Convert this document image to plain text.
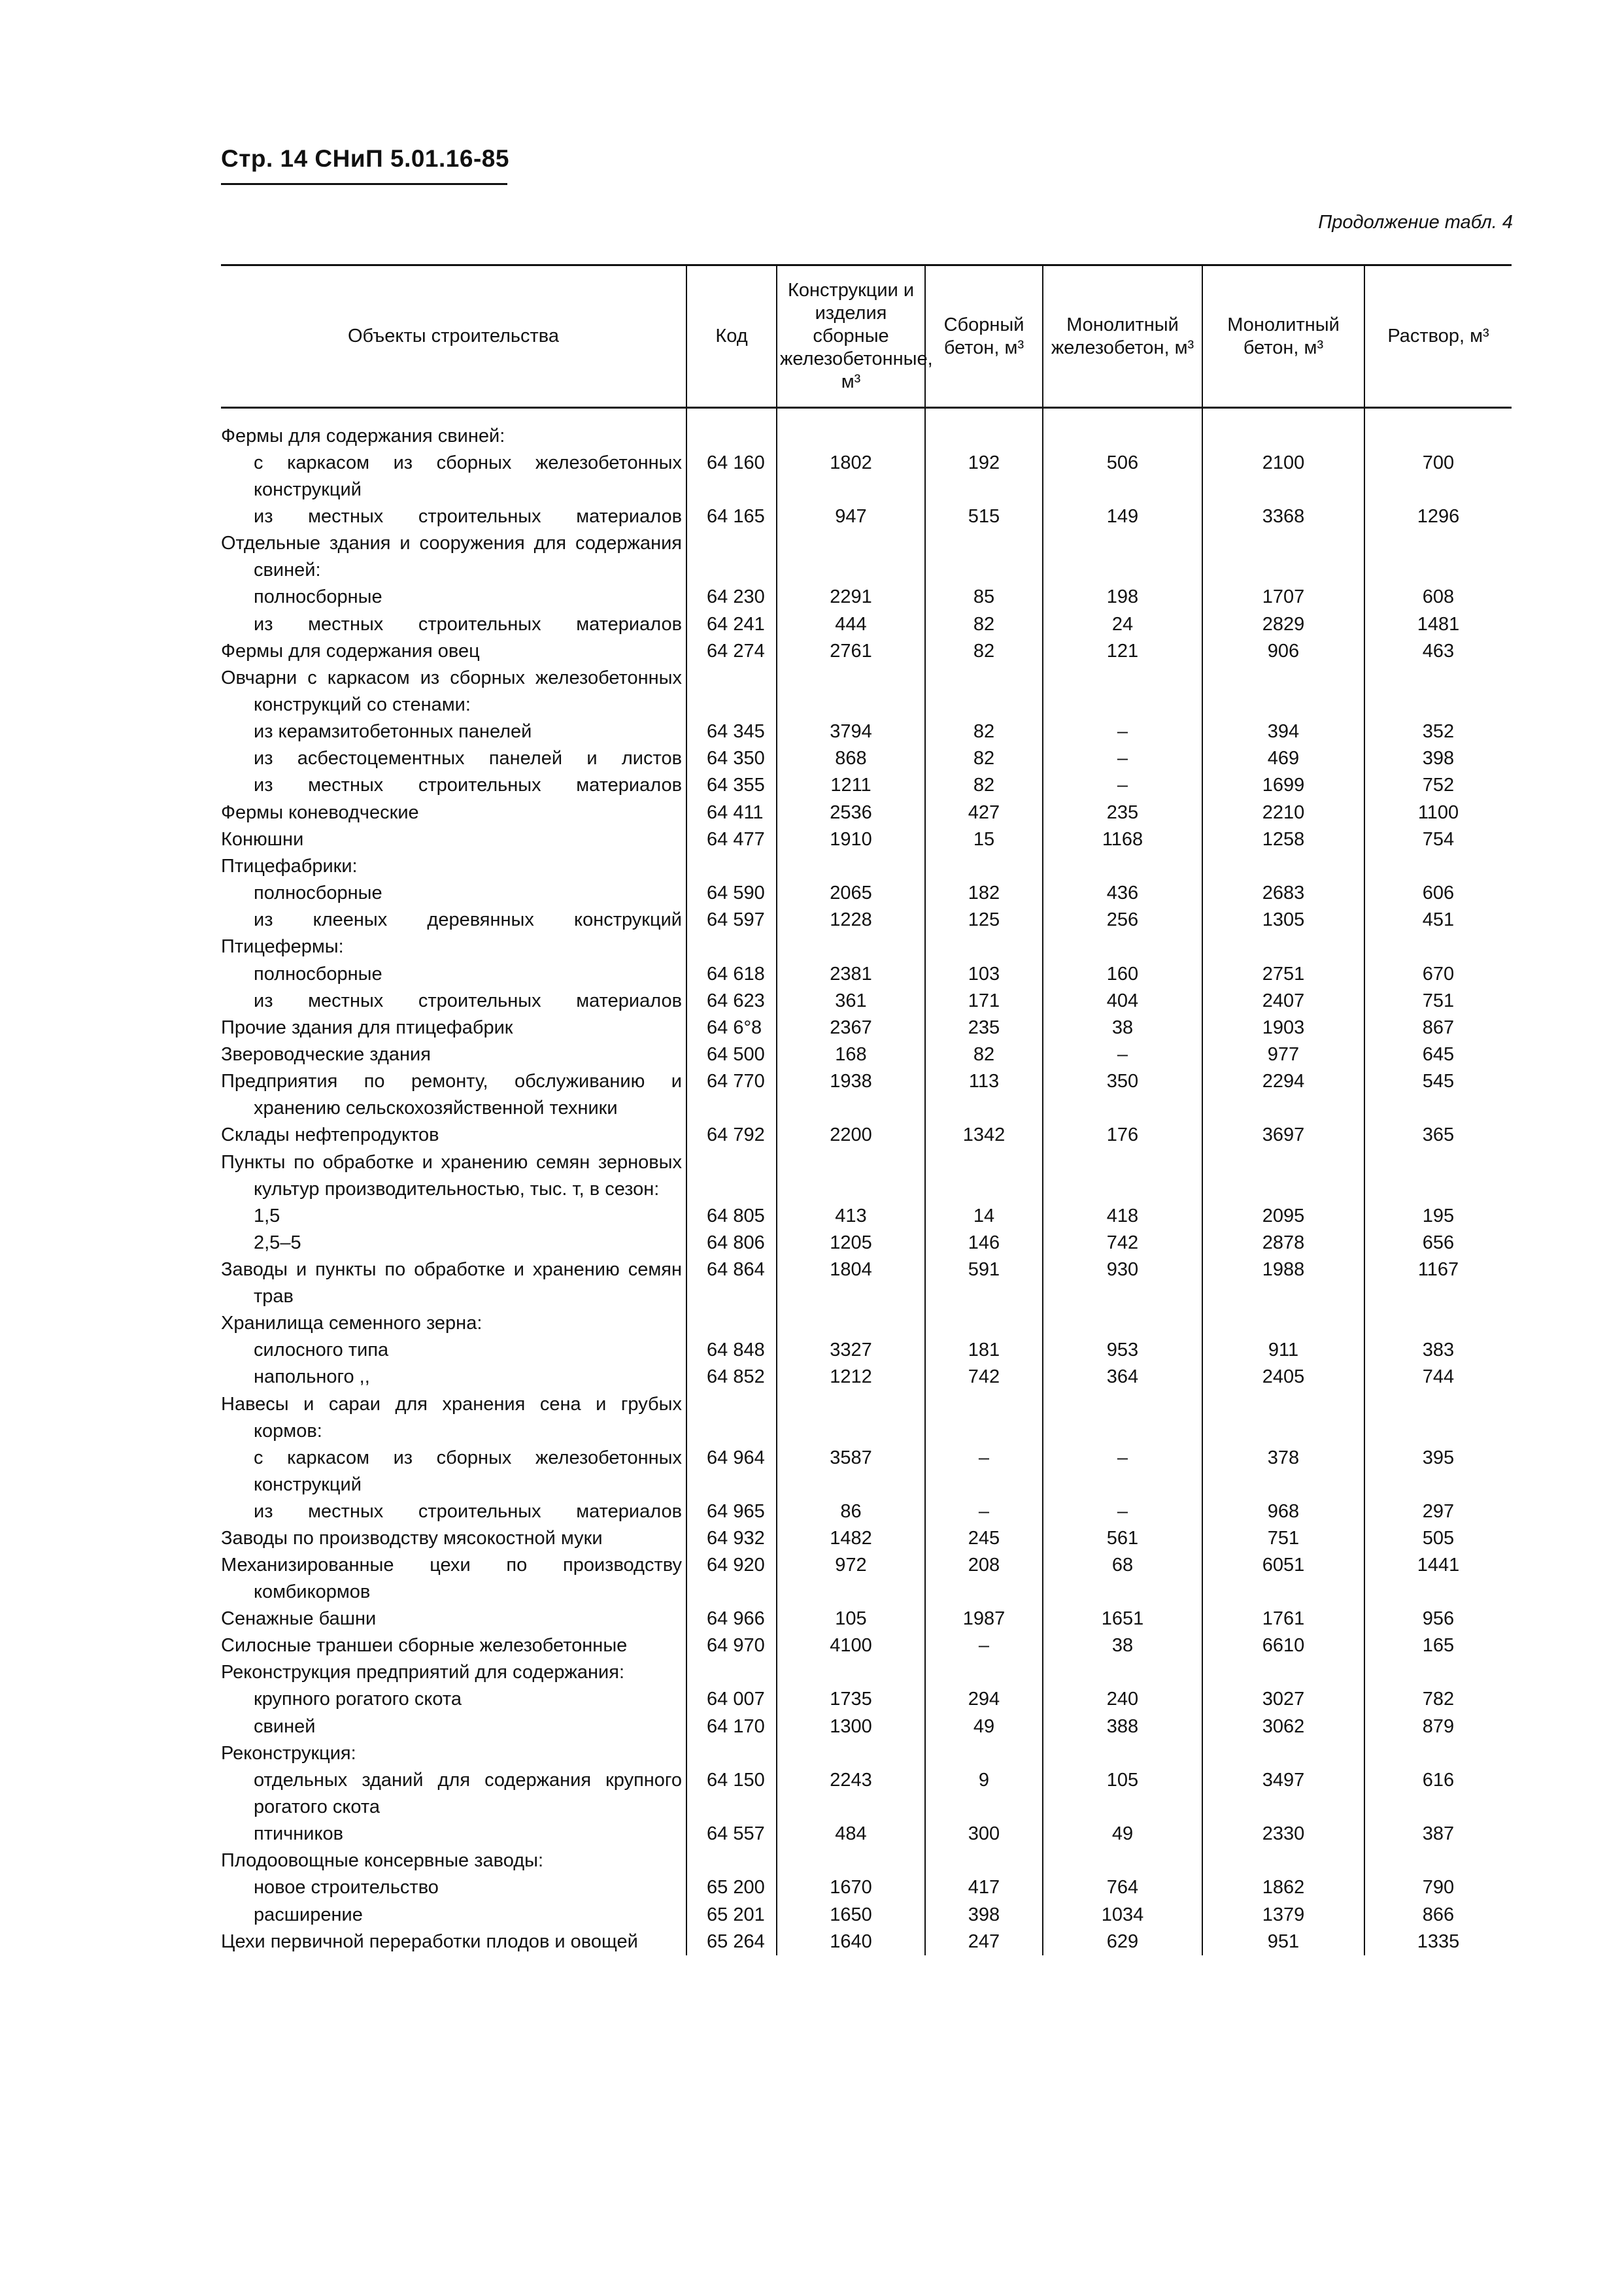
Стр. 14 СНиП 5.01.16-85
Продолжение табл. 4
Объекты строительства	Код	Конструкции и изделия сборные железобетонные, м³	Сборный бетон, м³	Монолитный железобетон, м³	Монолитный бетон, м³	Раствор, м³

Фермы для содержания свиней:						

с каркасом из сборных железобетонных конструкций	64 160	1802	192	506	2100	700

из местных строительных материалов	64 165	947	515	149	3368	1296

Отдельные здания и сооружения для содержания свиней:						

полносборные	64 230	2291	85	198	1707	608

из местных строительных материалов	64 241	444	82	24	2829	1481

Фермы для содержания овец	64 274	2761	82	121	906	463

Овчарни с каркасом из сборных железобетонных конструкций со стенами:						

из керамзитобетонных панелей	64 345	3794	82	–	394	352

из асбестоцементных панелей и листов	64 350	868	82	–	469	398

из местных строительных материалов	64 355	1211	82	–	1699	752

Фермы коневодческие	64 411	2536	427	235	2210	1100

Конюшни	64 477	1910	15	1168	1258	754

Птицефабрики:						

полносборные	64 590	2065	182	436	2683	606

из клееных деревянных конструкций	64 597	1228	125	256	1305	451

Птицефермы:						

полносборные	64 618	2381	103	160	2751	670

из местных строительных материалов	64 623	361	171	404	2407	751

Прочие здания для птицефабрик	64 6°8	2367	235	38	1903	867

Звероводческие здания	64 500	168	82	–	977	645

Предприятия по ремонту, обслуживанию и хранению сельскохозяйственной техники	64 770	1938	113	350	2294	545

Склады нефтепродуктов	64 792	2200	1342	176	3697	365

Пункты по обработке и хранению семян зерновых культур производительностью, тыс. т, в сезон:						

1,5	64 805	413	14	418	2095	195

2,5–5	64 806	1205	146	742	2878	656

Заводы и пункты по обработке и хранению семян трав	64 864	1804	591	930	1988	1167

Хранилища семенного зерна:						

силосного типа	64 848	3327	181	953	911	383

напольного ,,	64 852	1212	742	364	2405	744

Навесы и сараи для хранения сена и грубых кормов:						

с каркасом из сборных железобетонных конструкций	64 964	3587	–	–	378	395

из местных строительных материалов	64 965	86	–	–	968	297

Заводы по производству мясокостной муки	64 932	1482	245	561	751	505

Механизированные цехи по производству комбикормов	64 920	972	208	68	6051	1441

Сенажные башни	64 966	105	1987	1651	1761	956

Силосные траншеи сборные железобетонные	64 970	4100	–	38	6610	165

Реконструкция предприятий для содержания:						

крупного рогатого скота	64 007	1735	294	240	3027	782

свиней	64 170	1300	49	388	3062	879

Реконструкция:						

отдельных зданий для содержания крупного рогатого скота	64 150	2243	9	105	3497	616

птичников	64 557	484	300	49	2330	387

Плодоовощные консервные заводы:						

новое строительство	65 200	1670	417	764	1862	790

расширение	65 201	1650	398	1034	1379	866

Цехи первичной переработки плодов и овощей	65 264	1640	247	629	951	1335
